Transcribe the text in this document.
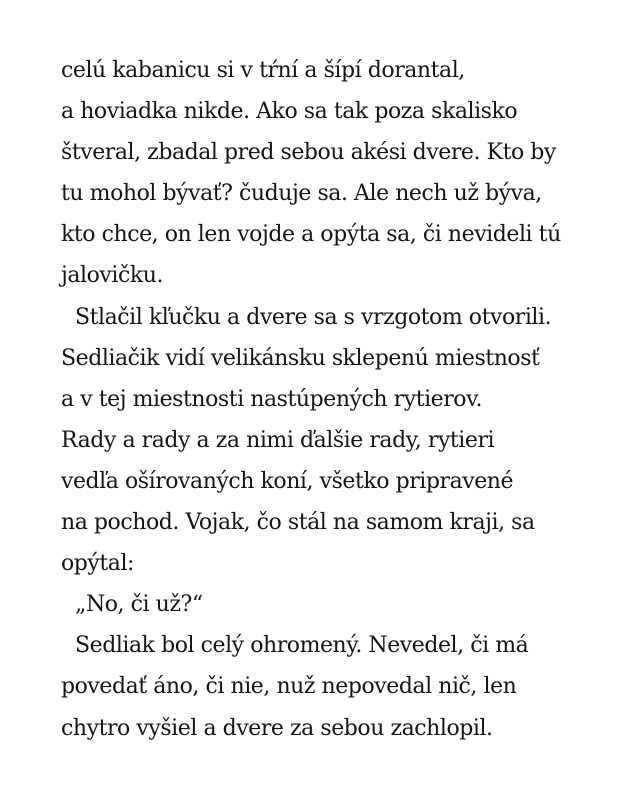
celú kabanicu si v tŕní a šípí dorantal,
a hoviadka nikde. Ako sa tak poza skalisko
štveral, zbadal pred sebou akési dvere. Kto by
tu mohol bývať? čuduje sa. Ale nech už býva,
kto chce, on len vojde a opýta sa, či nevideli tú
jalovičku.
Stlačil kľučku a dvere sa s vrzgotom otvorili.
Sedliačik vidí velikánsku sklepenú miestnosť
a v tej miestnosti nastúpených rytierov.
Rady a rady a za nimi ďalšie rady, rytieri
vedľa ošírovaných koní, všetko pripravené
na pochod. Vojak, čo stál na samom kraji, sa
opýtal:
„No, či už?“
Sedliak bol celý ohromený. Nevedel, či má
povedať áno, či nie, nuž nepovedal nič, len
chytro vyšiel a dvere za sebou zachlopil.
